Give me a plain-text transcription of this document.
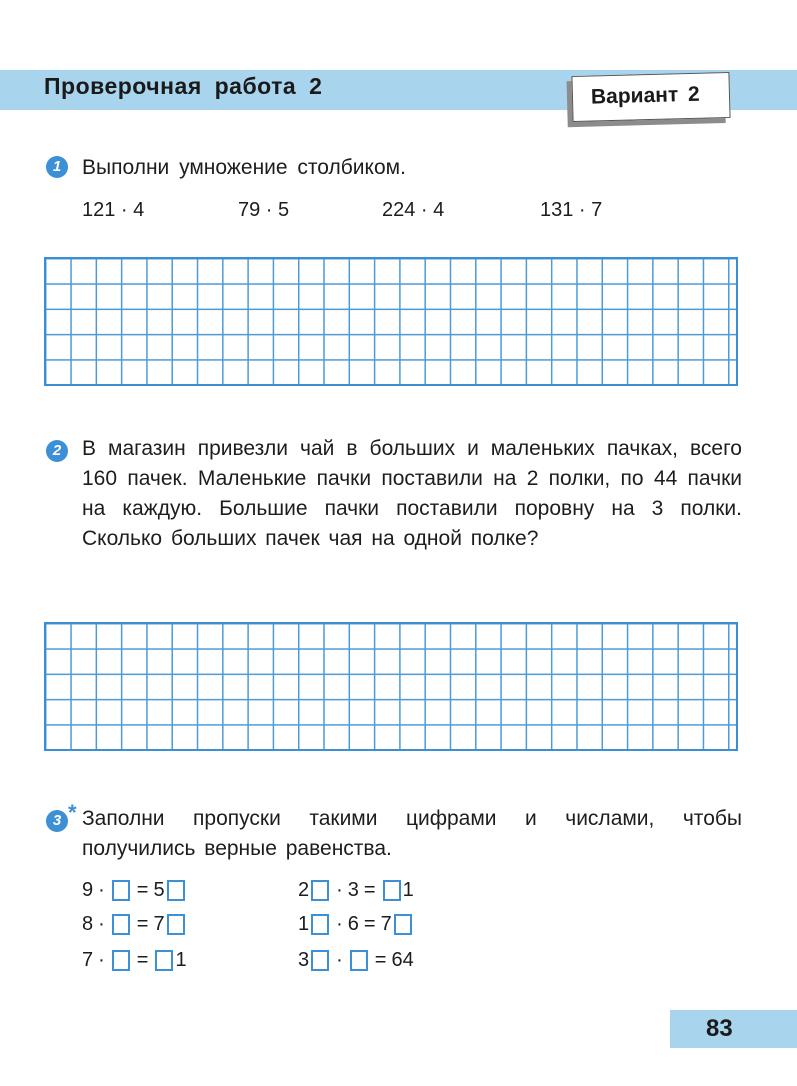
Проверочная работа 2	Вариант 2
1 Выполни умножение столбиком.
121 · 4	79 · 5	224 · 4	131 · 7
2 В магазин привезли чай в больших и маленьких пачках, всего 160 пачек. Маленькие пачки поставили на 2 полки, по 44 пачки на каждую. Большие пачки поставили поровну на 3 полки. Сколько больших пачек чая на одной полке?
3 * Заполни пропуски такими цифрами и числами, чтобы получились верные равенства.
9 · = 5
8 · = 7
7 · = 1
2 · 3 = 1
1 · 6 = 7
3 · = 64
83
